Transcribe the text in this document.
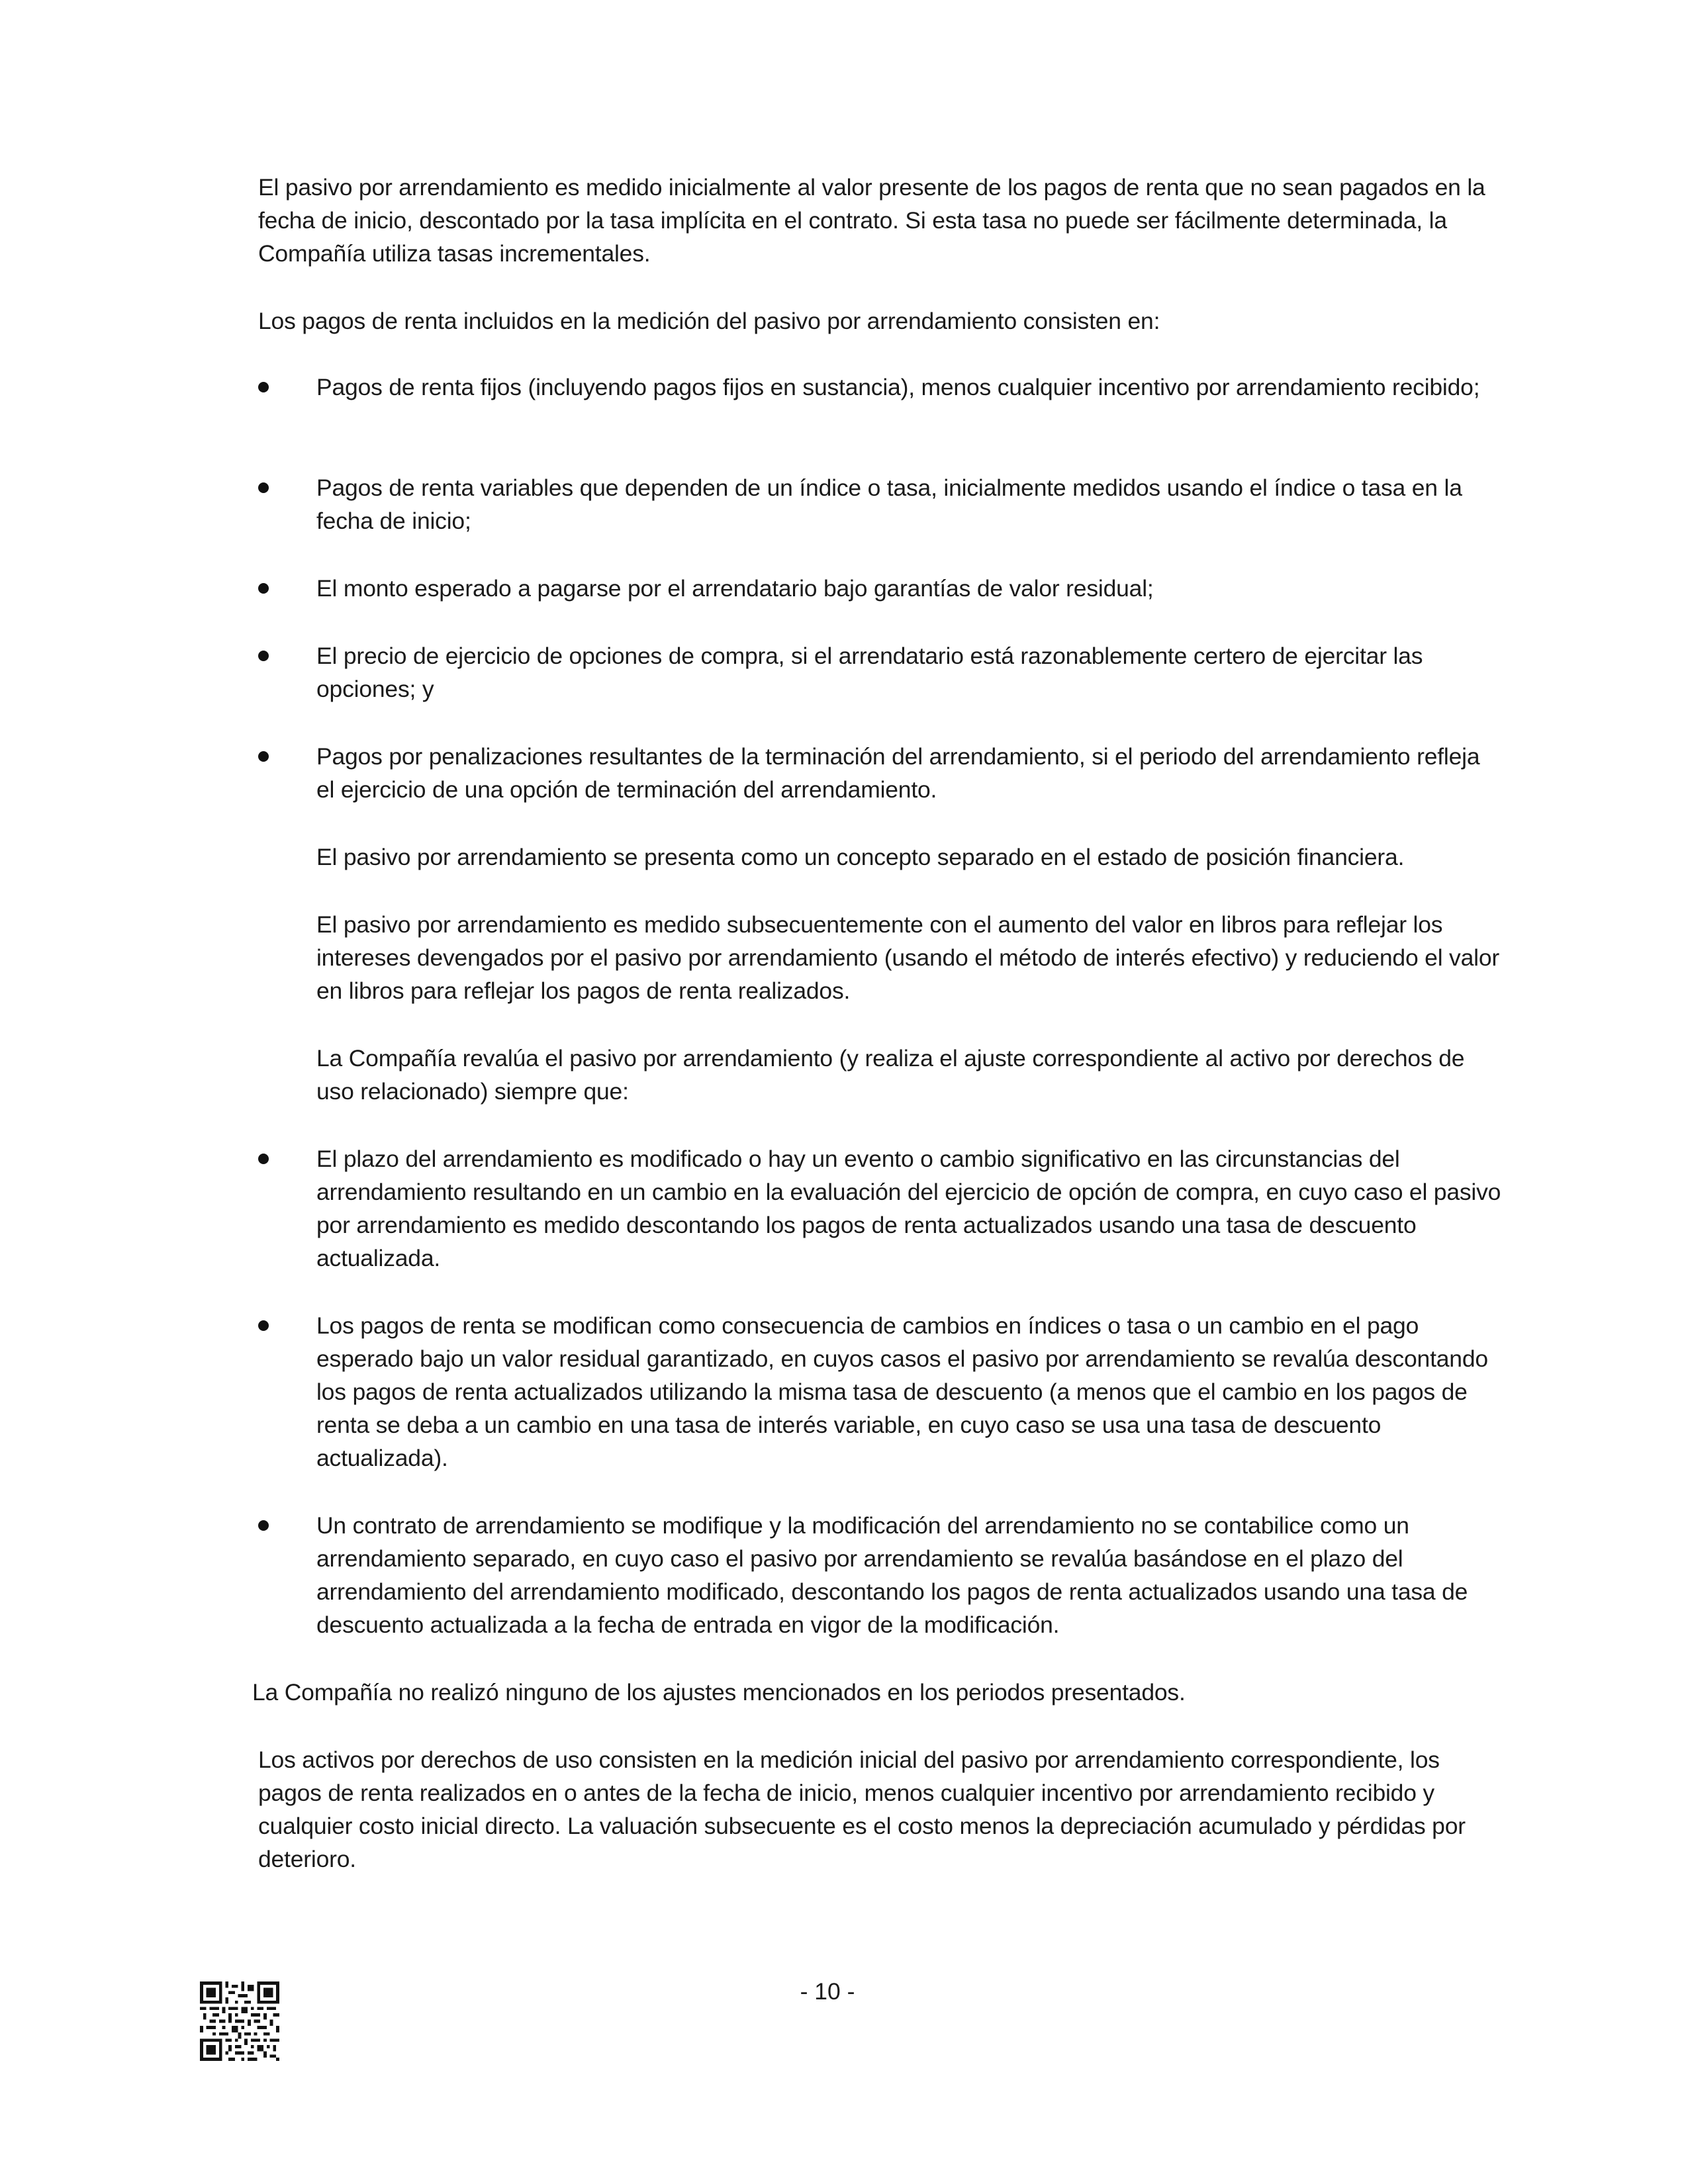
El pasivo por arrendamiento es medido inicialmente al valor presente de los pagos de renta que no sean pagados en la fecha de inicio, descontado por la tasa implícita en el contrato. Si esta tasa no puede ser fácilmente determinada, la Compañía utiliza tasas incrementales.

Los pagos de renta incluidos en la medición del pasivo por arrendamiento consisten en:

Pagos de renta fijos (incluyendo pagos fijos en sustancia), menos cualquier incentivo por arrendamiento recibido;

Pagos de renta variables que dependen de un índice o tasa, inicialmente medidos usando el índice o tasa en la fecha de inicio;

El monto esperado a pagarse por el arrendatario bajo garantías de valor residual;

El precio de ejercicio de opciones de compra, si el arrendatario está razonablemente certero de ejercitar las opciones; y

Pagos por penalizaciones resultantes de la terminación del arrendamiento, si el periodo del arrendamiento refleja el ejercicio de una opción de terminación del arrendamiento.

El pasivo por arrendamiento se presenta como un concepto separado en el estado de posición financiera.

El pasivo por arrendamiento es medido subsecuentemente con el aumento del valor en libros para reflejar los intereses devengados por el pasivo por arrendamiento (usando el método de interés efectivo) y reduciendo el valor en libros para reflejar los pagos de renta realizados.

La Compañía revalúa el pasivo por arrendamiento (y realiza el ajuste correspondiente al activo por derechos de uso relacionado) siempre que:

El plazo del arrendamiento es modificado o hay un evento o cambio significativo en las circunstancias del arrendamiento resultando en un cambio en la evaluación del ejercicio de opción de compra, en cuyo caso el pasivo por arrendamiento es medido descontando los pagos de renta actualizados usando una tasa de descuento actualizada.

Los pagos de renta se modifican como consecuencia de cambios en índices o tasa o un cambio en el pago esperado bajo un valor residual garantizado, en cuyos casos el pasivo por arrendamiento se revalúa descontando los pagos de renta actualizados utilizando la misma tasa de descuento (a menos que el cambio en los pagos de renta se deba a un cambio en una tasa de interés variable, en cuyo caso se usa una tasa de descuento actualizada).

Un contrato de arrendamiento se modifique y la modificación del arrendamiento no se contabilice como un arrendamiento separado, en cuyo caso el pasivo por arrendamiento se revalúa basándose en el plazo del arrendamiento del arrendamiento modificado, descontando los pagos de renta actualizados usando una tasa de descuento actualizada a la fecha de entrada en vigor de la modificación.

La Compañía no realizó ninguno de los ajustes mencionados en los periodos presentados.

Los activos por derechos de uso consisten en la medición inicial del pasivo por arrendamiento correspondiente, los pagos de renta realizados en o antes de la fecha de inicio, menos cualquier incentivo por arrendamiento recibido y cualquier costo inicial directo. La valuación subsecuente es el costo menos la depreciación acumulado y pérdidas por deterioro.

- 10 -
